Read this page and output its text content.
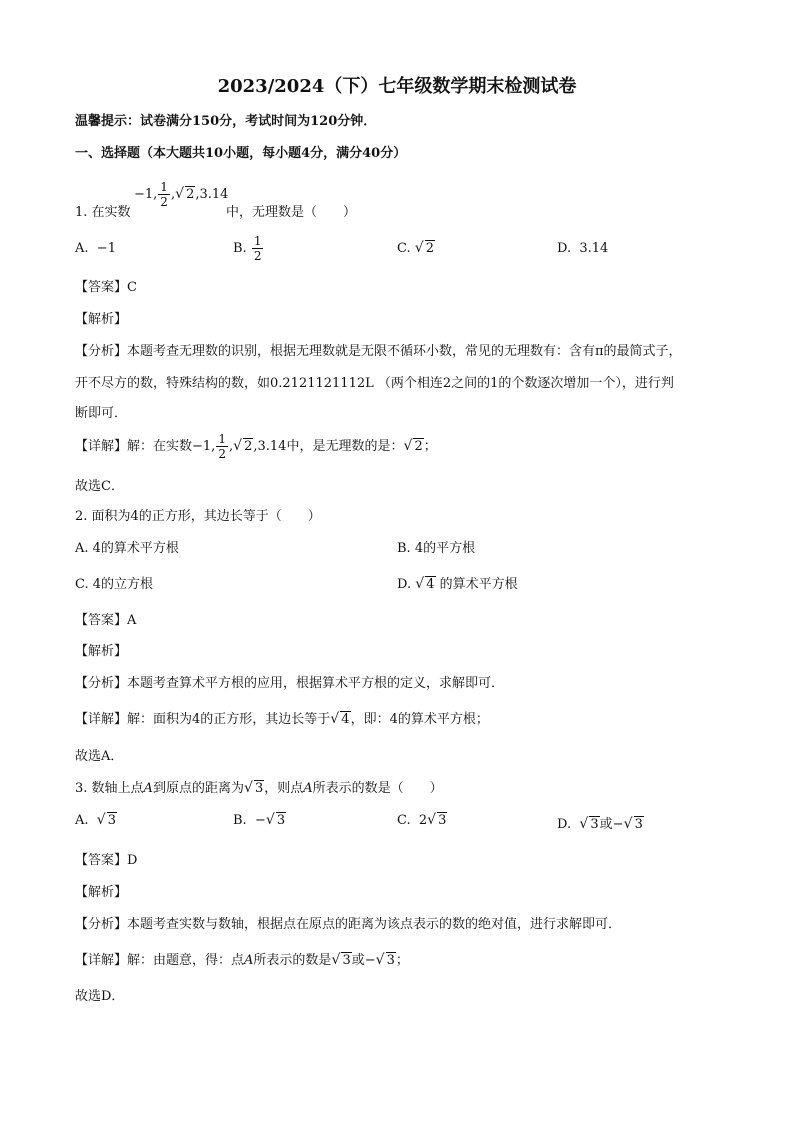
2023/2024（下）七年级数学期末检测试卷
温馨提示：试卷满分150分，考试时间为120分钟．
一、选择题（本大题共10小题，每小题4分，满分40分）
1. 在实数
−1, $\frac{1}{2}$ , √ 2,3.14
中，无理数是（　　）
A. −1	B. $\frac{1}{2}$	C. √ 2	D. 3.14
【答案】C
【解析】
【分析】本题考查无理数的识别，根据无理数就是无限不循环小数，常见的无理数有：含有π的最简式子，
开不尽方的数，特殊结构的数，如0.2121121112L （两个相连2之间的1的个数逐次增加一个），进行判
断即可．
【详解】解：在实数−1, $\frac{1}{2}$ , √ 2,3.14中，是无理数的是： √ 2；
故选C．
2. 面积为4的正方形，其边长等于（　　）
A. 4的算术平方根	B. 4的平方根
C. 4的立方根	D. √ 4 的算术平方根
【答案】A
【解析】
【分析】本题考查算术平方根的应用，根据算术平方根的定义，求解即可．
【详解】解：面积为4的正方形，其边长等于 √ 4，即：4的算术平方根；
故选A．
3. 数轴上点A到原点的距离为 √ 3，则点A所表示的数是（　　）
A. √ 3	B. − √ 3	C. 2 √ 3	D. √ 3或− √ 3
【答案】D
【解析】
【分析】本题考查实数与数轴，根据点在原点的距离为该点表示的数的绝对值，进行求解即可．
【详解】解：由题意，得：点A所表示的数是 √ 3或− √ 3；
故选D．
